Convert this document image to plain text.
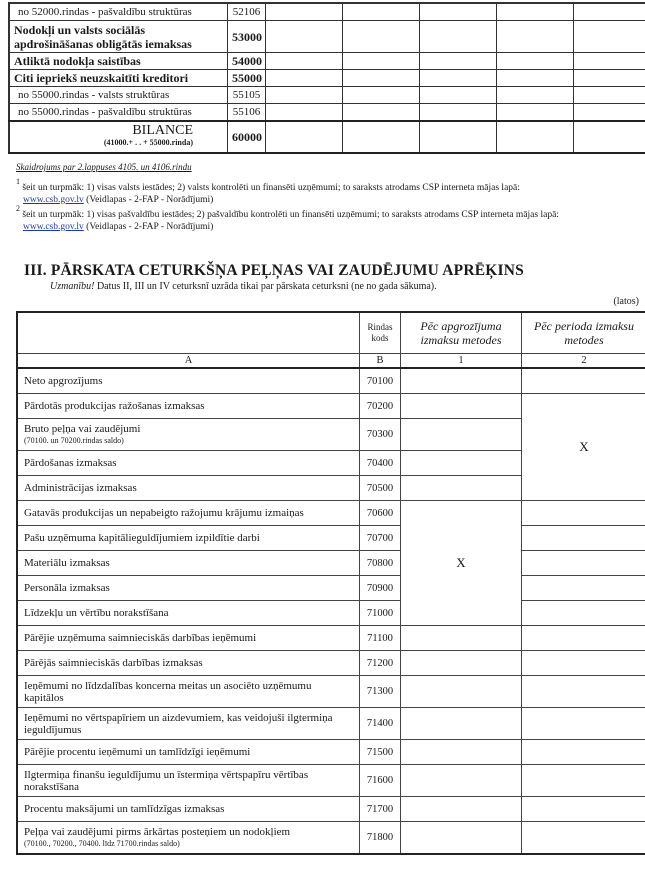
no 52000.rindas - pašvaldību struktūras	52106					
Nodokļi un valsts sociālās apdrošināšanas obligātās iemaksas	53000					
Atliktā nodokļa saistības	54000					
Citi iepriekš neuzskaitīti kreditori	55000					
no 55000.rindas - valsts struktūras	55105					
no 55000.rindas - pašvaldību struktūras	55106					

BILANCE
(41000.+ . . + 55000.rinda)	60000					
Skaidrojums par 2.lappuses 4105. un 4106.rindu
$^1$ šeit un turpmāk: 1) visas valsts iestādes; 2) valsts kontrolēti un finansēti uzņēmumi; to saraksts atrodams CSP interneta mājas lapā:
www.csb.gov.lv (Veidlapas - 2-FAP - Norādījumi)
$^2$ šeit un turpmāk: 1) visas pašvaldību iestādes; 2) pašvaldību kontrolēti un finansēti uzņēmumi; to saraksts atrodams CSP interneta mājas lapā:
www.csb.gov.lv (Veidlapas - 2-FAP - Norādījumi)
III. PĀRSKATA CETURKŠŅA PEĻŅAS VAI ZAUDĒJUMU APRĒĶINS
Uzmanību! Datus II, III un IV ceturksnī uzrāda tikai par pārskata ceturksni (ne no gada sākuma).
(latos)
	Rindas kods	Pēc apgrozījuma izmaksu metodes	Pēc perioda izmaksu metodes
A	B	1	2
Neto apgrozījums	70100		
Pārdotās produkcijas ražošanas izmaksas	70200		X
Bruto peļņa vai zaudējumi
(70100. un 70200.rindas saldo)	70300		
Pārdošanas izmaksas	70400		
Administrācijas izmaksas	70500		
Gatavās produkcijas un nepabeigto ražojumu krājumu izmaiņas	70600	X	
Pašu uzņēmuma kapitālieguldījumiem izpildītie darbi	70700		
Materiālu izmaksas	70800		
Personāla izmaksas	70900		
Līdzekļu un vērtību norakstīšana	71000		
Pārējie uzņēmuma saimnieciskās darbības ieņēmumi	71100		
Pārējās saimnieciskās darbības izmaksas	71200		
Ieņēmumi no līdzdalības koncerna meitas un asociēto uzņēmumu kapitālos	71300		
Ieņēmumi no vērtspapīriem un aizdevumiem, kas veidojuši ilgtermiņa ieguldījumus	71400		
Pārējie procentu ieņēmumi un tamlīdzīgi ieņēmumi	71500		
Ilgtermiņa finanšu ieguldījumu un īstermiņa vērtspapīru vērtības norakstīšana	71600		
Procentu maksājumi un tamlīdzīgas izmaksas	71700		
Peļņa vai zaudējumi pirms ārkārtas posteņiem un nodokļiem
(70100., 70200., 70400. līdz 71700.rindas saldo)	71800		
